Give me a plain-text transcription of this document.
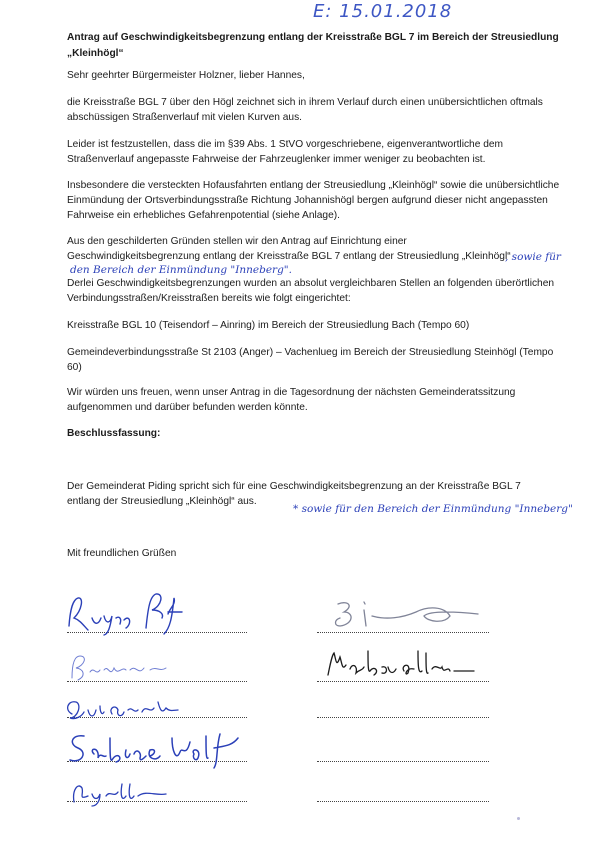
E: 15.01.2018

Antrag auf Geschwindigkeitsbegrenzung entlang der Kreisstraße BGL 7 im Bereich der Streusiedlung „Kleinhögl“

Sehr geehrter Bürgermeister Holzner, lieber Hannes,

die Kreisstraße BGL 7 über den Högl zeichnet sich in ihrem Verlauf durch einen unübersichtlichen oftmals abschüssigen Straßenverlauf mit vielen Kurven aus.

Leider ist festzustellen, dass die im §39 Abs. 1 StVO vorgeschriebene, eigenverantwortliche dem Straßenverlauf angepasste Fahrweise der Fahrzeuglenker immer weniger zu beobachten ist.

Insbesondere die versteckten Hofausfahrten entlang der Streusiedlung „Kleinhögl“ sowie die unübersichtliche Einmündung der Ortsverbindungsstraße Richtung Johannishögl bergen aufgrund dieser nicht angepassten Fahrweise ein erhebliches Gefahrenpotential (siehe Anlage).

Aus den geschilderten Gründen stellen wir den Antrag auf Einrichtung einer

Geschwindigkeitsbegrenzung entlang der Kreisstraße BGL 7 entlang der Streusiedlung „Kleinhögl“

, sowie für
den Bereich der Einmündung "Inneberg".

Derlei Geschwindigkeitsbegrenzungen wurden an absolut vergleichbaren Stellen an folgenden überörtlichen Verbindungsstraßen/Kreisstraßen bereits wie folgt eingerichtet:

Kreisstraße BGL 10 (Teisendorf – Ainring) im Bereich der Streusiedlung Bach (Tempo 60)

Gemeindeverbindungsstraße St 2103 (Anger) – Vachenlueg im Bereich der Streusiedlung Steinhögl (Tempo 60)

Wir würden uns freuen, wenn unser Antrag in die Tagesordnung der nächsten Gemeinderatssitzung aufgenommen und darüber befunden werden könnte.

Beschlussfassung:

Der Gemeinderat Piding spricht sich für eine Geschwindigkeitsbegrenzung an der Kreisstraße BGL 7

entlang der Streusiedlung „Kleinhögl“ aus.

* sowie für den Bereich der Einmündung "Inneberg"

Mit freundlichen Grüßen
